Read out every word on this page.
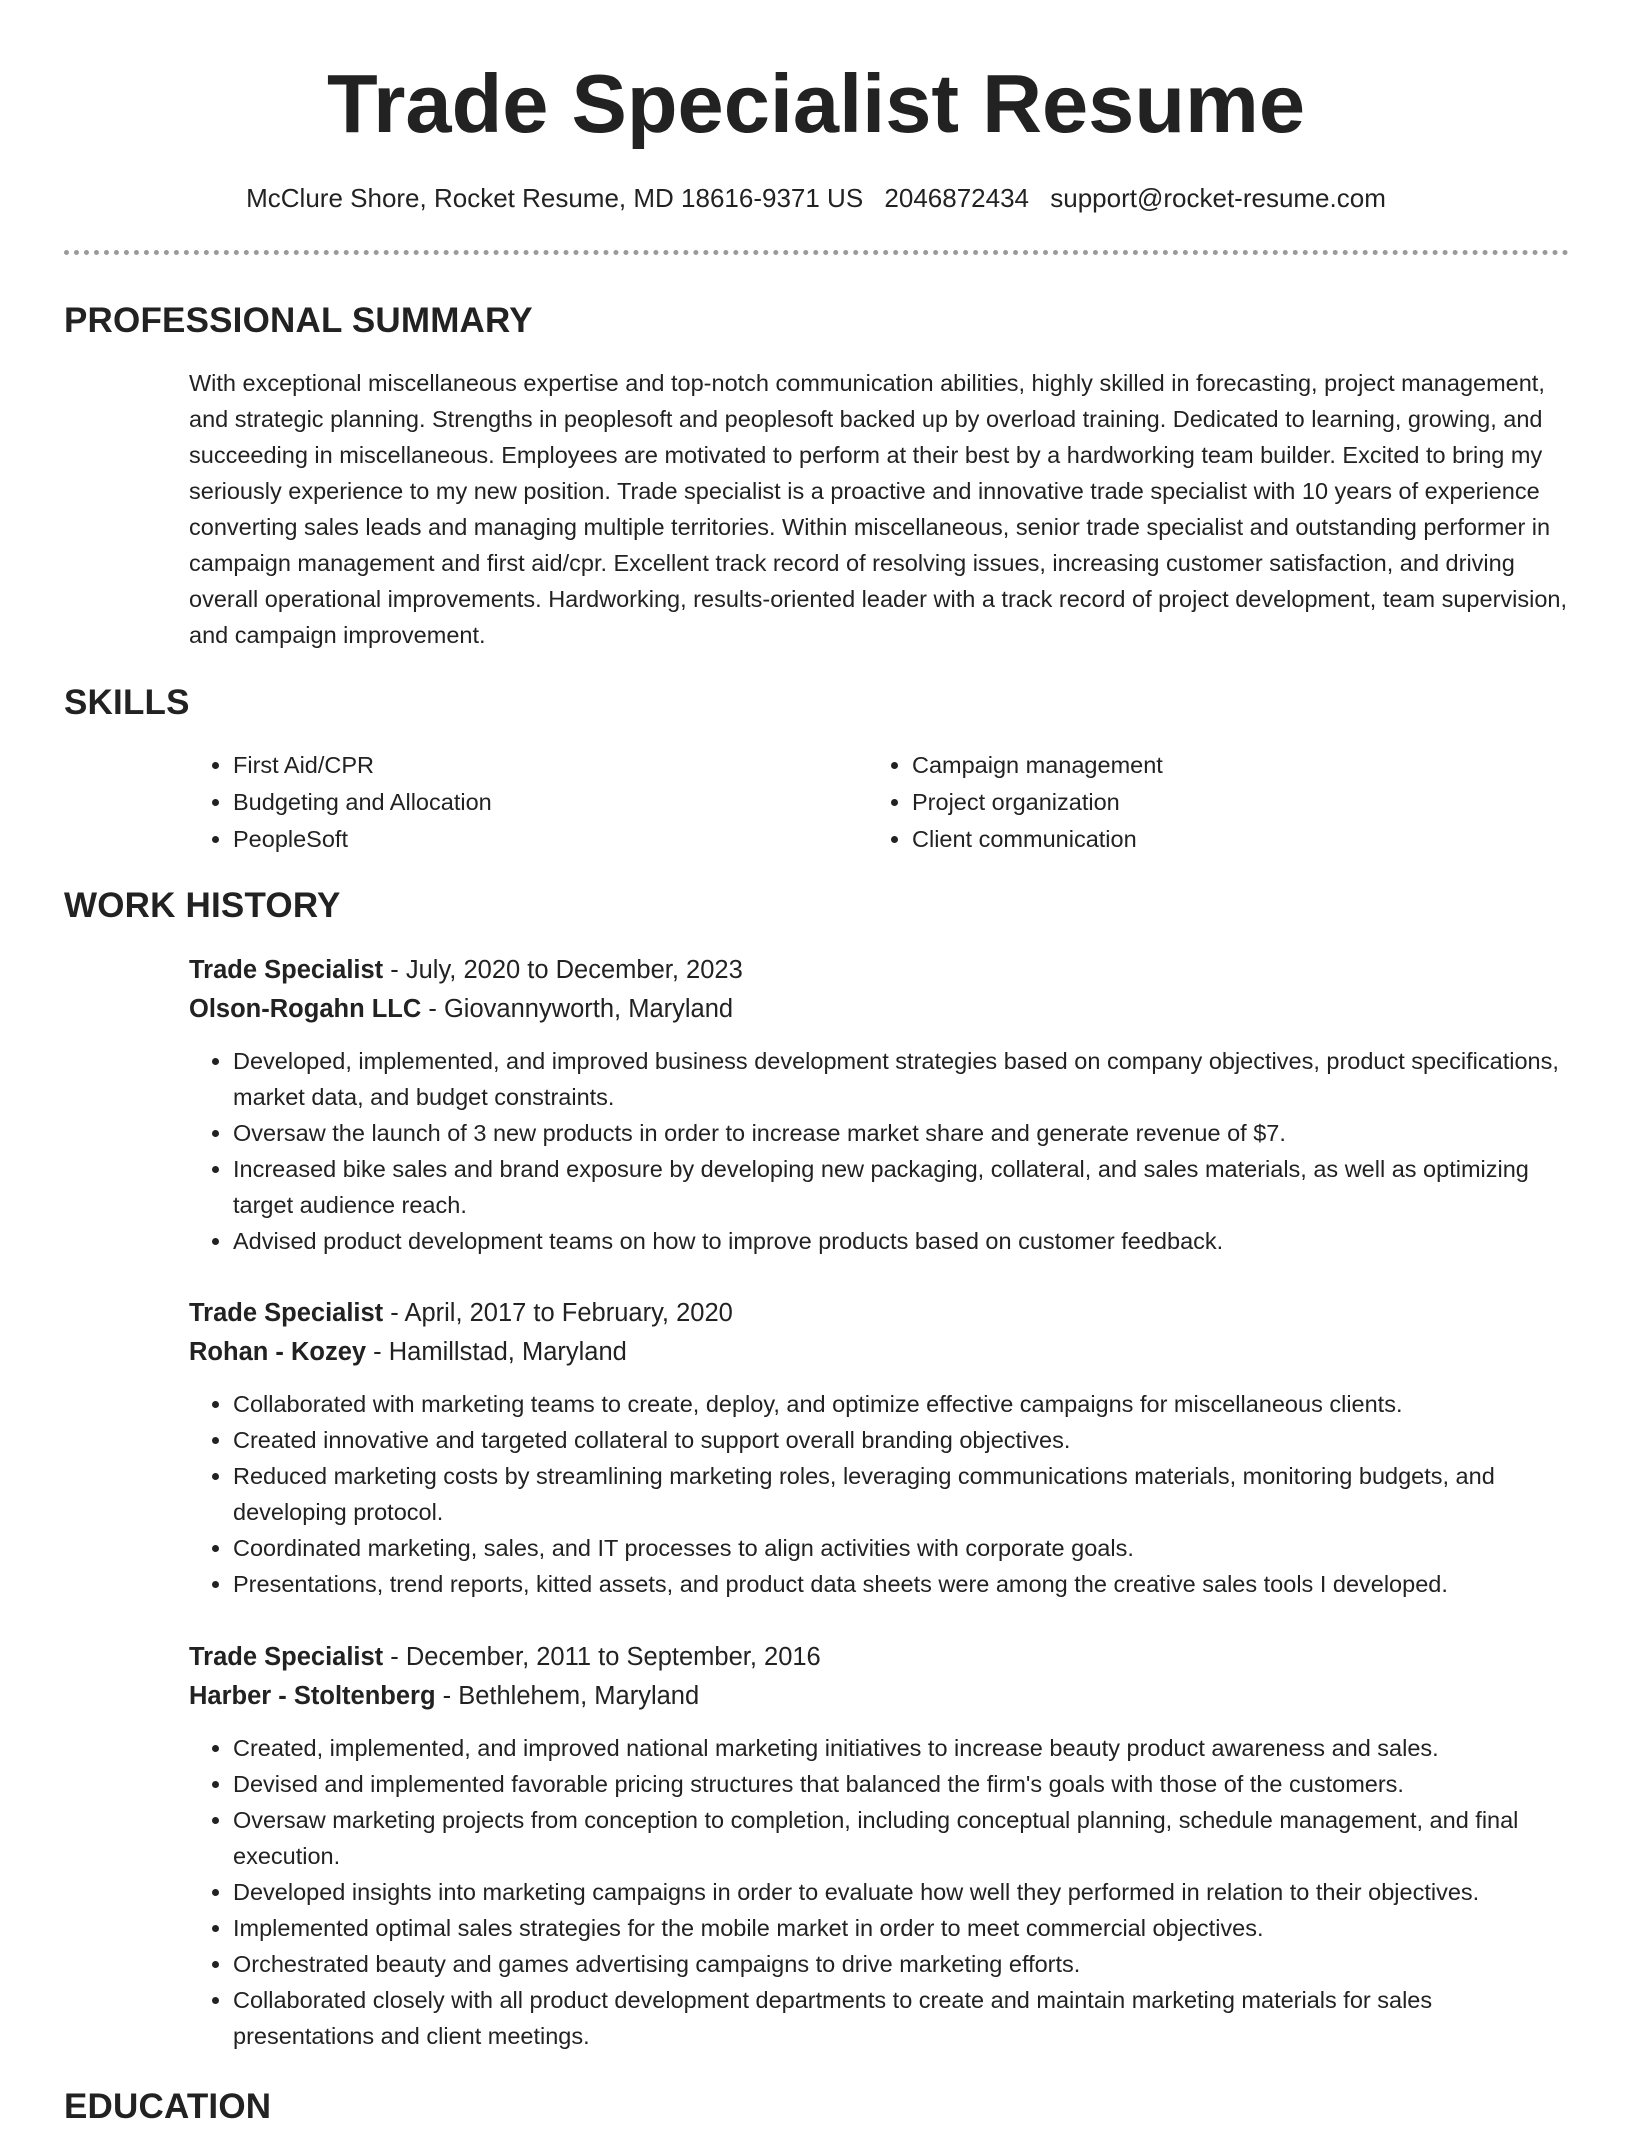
Trade Specialist Resume
McClure Shore, Rocket Resume, MD 18616-9371 US 2046872434 support@rocket-resume.com
PROFESSIONAL SUMMARY

With exceptional miscellaneous expertise and top-notch communication abilities, highly skilled in forecasting, project management, and strategic planning. Strengths in peoplesoft and peoplesoft backed up by overload training. Dedicated to learning, growing, and succeeding in miscellaneous. Employees are motivated to perform at their best by a hardworking team builder. Excited to bring my seriously experience to my new position. Trade specialist is a proactive and innovative trade specialist with 10 years of experience converting sales leads and managing multiple territories. Within miscellaneous, senior trade specialist and outstanding performer in campaign management and first aid/cpr. Excellent track record of resolving issues, increasing customer satisfaction, and driving overall operational improvements. Hardworking, results-oriented leader with a track record of project development, team supervision, and campaign improvement.

SKILLS
• First Aid/CPR
• Budgeting and Allocation
• PeopleSoft
• Campaign management
• Project organization
• Client communication
WORK HISTORY
Trade Specialist - July, 2020 to December, 2023
Olson-Rogahn LLC - Giovannyworth, Maryland
• Developed, implemented, and improved business development strategies based on company objectives, product specifications, market data, and budget constraints.
• Oversaw the launch of 3 new products in order to increase market share and generate revenue of $7.
• Increased bike sales and brand exposure by developing new packaging, collateral, and sales materials, as well as optimizing target audience reach.
• Advised product development teams on how to improve products based on customer feedback.
Trade Specialist - April, 2017 to February, 2020
Rohan - Kozey - Hamillstad, Maryland
• Collaborated with marketing teams to create, deploy, and optimize effective campaigns for miscellaneous clients.
• Created innovative and targeted collateral to support overall branding objectives.
• Reduced marketing costs by streamlining marketing roles, leveraging communications materials, monitoring budgets, and developing protocol.
• Coordinated marketing, sales, and IT processes to align activities with corporate goals.
• Presentations, trend reports, kitted assets, and product data sheets were among the creative sales tools I developed.
Trade Specialist - December, 2011 to September, 2016
Harber - Stoltenberg - Bethlehem, Maryland
• Created, implemented, and improved national marketing initiatives to increase beauty product awareness and sales.
• Devised and implemented favorable pricing structures that balanced the firm's goals with those of the customers.
• Oversaw marketing projects from conception to completion, including conceptual planning, schedule management, and final execution.
• Developed insights into marketing campaigns in order to evaluate how well they performed in relation to their objectives.
• Implemented optimal sales strategies for the mobile market in order to meet commercial objectives.
• Orchestrated beauty and games advertising campaigns to drive marketing efforts.
• Collaborated closely with all product development departments to create and maintain marketing materials for sales presentations and client meetings.
EDUCATION
